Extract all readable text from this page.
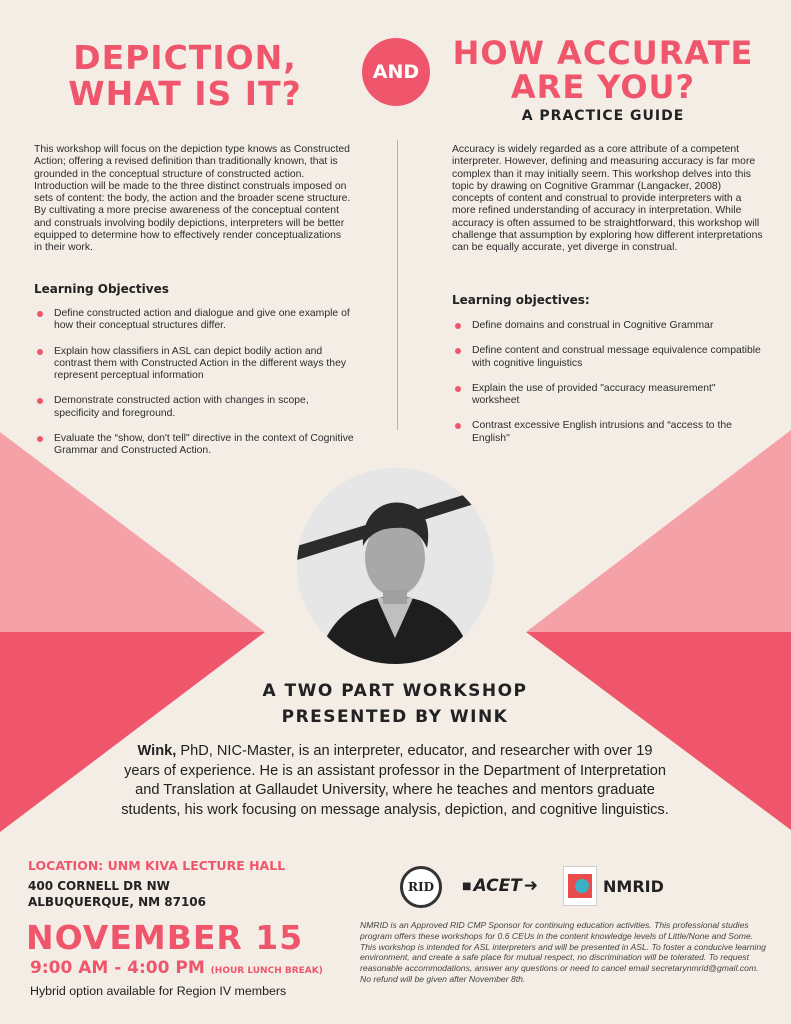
DEPICTION, WHAT IS IT?
AND	HOW ACCURATE ARE YOU?
A PRACTICE GUIDE

This workshop will focus on the depiction type knows as Constructed Action; offering a revised definition than traditionally known, that is grounded in the conceptual structure of constructed action. Introduction will be made to the three distinct construals imposed on sets of content: the body, the action and the broader scene structure. By cultivating a more precise awareness of the conceptual content and construals involving bodily depictions, interpreters will be better equipped to determine how to effectively render conceptualizations in their work.

Learning Objectives
Define constructed action and dialogue and give one example of how their conceptual structures differ.
Explain how classifiers in ASL can depict bodily action and contrast them with Constructed Action in the different ways they represent perceptual information
Demonstrate constructed action with changes in scope, specificity and foreground.
Evaluate the “show, don't tell" directive in the context of Cognitive Grammar and Constructed Action.

Accuracy is widely regarded as a core attribute of a competent interpreter. However, defining and measuring accuracy is far more complex than it may initially seem. This workshop delves into this topic by drawing on Cognitive Grammar (Langacker, 2008) concepts of content and construal to provide interpreters with a more refined understanding of accuracy in interpretation. While accuracy is often assumed to be straightforward, this workshop will challenge that assumption by exploring how different interpretations can be equally accurate, yet diverge in construal.

Learning objectives:
Define domains and construal in Cognitive Grammar
Define content and construal message equivalence compatible with cognitive linguistics
Explain the use of provided "accuracy measurement" worksheet
Contrast excessive English intrusions and “access to the English"
A TWO PART WORKSHOP
PRESENTED BY WINK

Wink, PhD, NIC-Master, is an interpreter, educator, and researcher with over 19 years of experience. He is an assistant professor in the Department of Interpretation and Translation at Gallaudet University, where he teaches and mentors graduate students, his work focusing on message analysis, depiction, and cognitive linguistics.

LOCATION: UNM KIVA LECTURE HALL
400 CORNELL DR NW
ALBUQUERQUE, NM 87106
NOVEMBER 15
9:00 AM - 4:00 PM (HOUR LUNCH BREAK)
Hybrid option available for Region IV members
RID	■ ACET ➜	NMRID

NMRID is an Approved RID CMP Sponsor for continuing education activities. This professional studies program offers these workshops for 0.6 CEUs in the content knowledge levels of Little/None and Some. This workshop is intended for ASL interpreters and will be presented in ASL. To foster a conducive learning environment, and create a safe place for mutual respect, no discrimination will be tolerated. To request reasonable accommodations, answer any questions or need to cancel email secretarynmrid@gmail.com. No refund will be given after November 8th.
